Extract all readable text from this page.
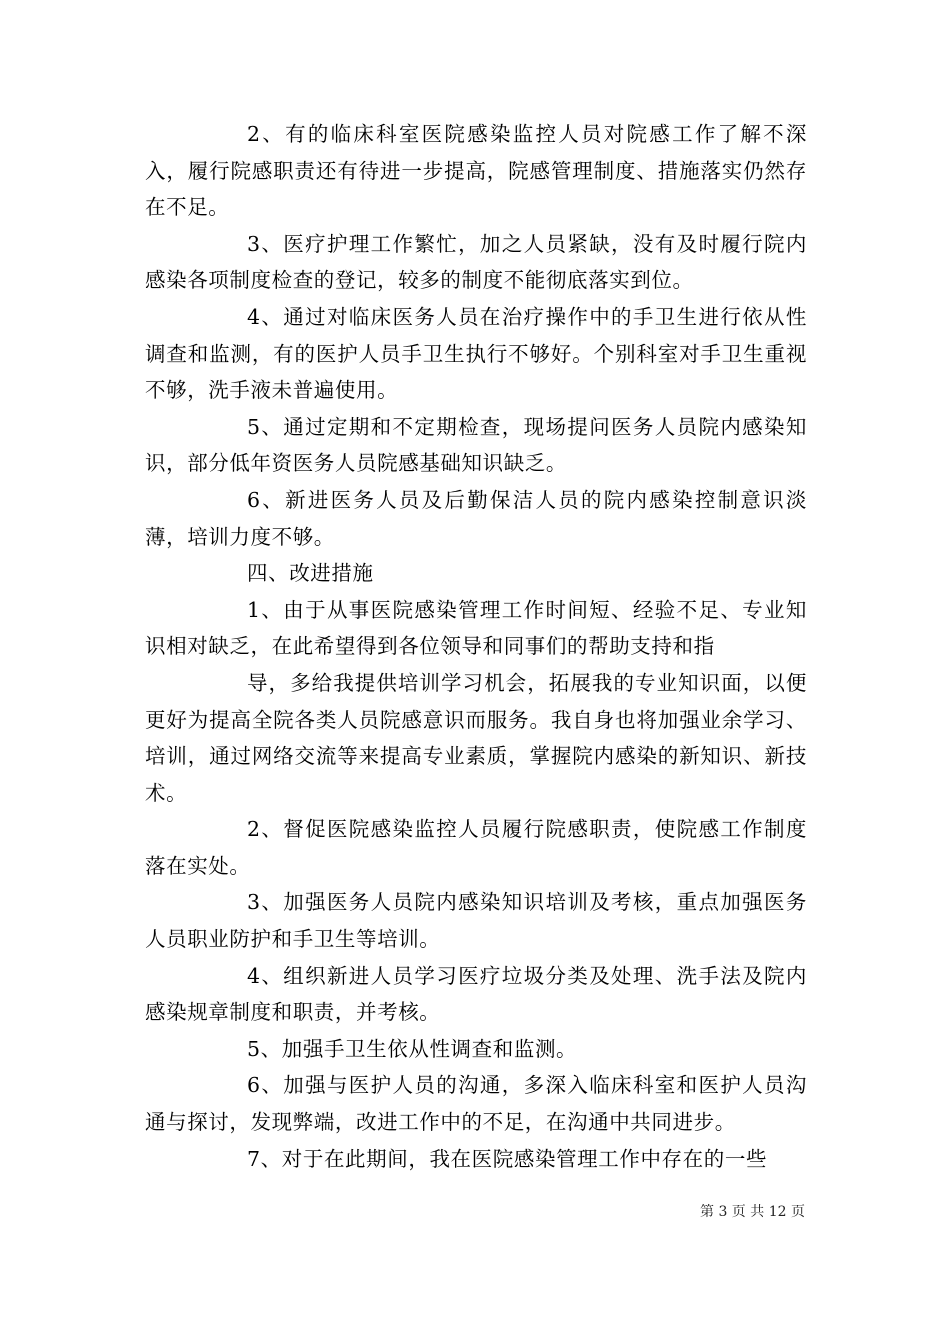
2、有的临床科室医院感染监控人员对院感工作了解不深入，履行院感职责还有待进一步提高，院感管理制度、措施落实仍然存在不足。

3、医疗护理工作繁忙，加之人员紧缺，没有及时履行院内感染各项制度检查的登记，较多的制度不能彻底落实到位。

4、通过对临床医务人员在治疗操作中的手卫生进行依从性调查和监测，有的医护人员手卫生执行不够好。个别科室对手卫生重视不够，洗手液未普遍使用。

5、通过定期和不定期检查，现场提问医务人员院内感染知识，部分低年资医务人员院感基础知识缺乏。

6、新进医务人员及后勤保洁人员的院内感染控制意识淡薄，培训力度不够。

四、改进措施

1、由于从事医院感染管理工作时间短、经验不足、专业知识相对缺乏，在此希望得到各位领导和同事们的帮助支持和指

导，多给我提供培训学习机会，拓展我的专业知识面，以便更好为提高全院各类人员院感意识而服务。我自身也将加强业余学习、培训，通过网络交流等来提高专业素质，掌握院内感染的新知识、新技术。

2、督促医院感染监控人员履行院感职责，使院感工作制度落在实处。

3、加强医务人员院内感染知识培训及考核，重点加强医务人员职业防护和手卫生等培训。

4、组织新进人员学习医疗垃圾分类及处理、洗手法及院内感染规章制度和职责，并考核。

5、加强手卫生依从性调查和监测。

6、加强与医护人员的沟通，多深入临床科室和医护人员沟通与探讨，发现弊端，改进工作中的不足，在沟通中共同进步。

7、对于在此期间，我在医院感染管理工作中存在的一些

第 3 页 共 12 页
